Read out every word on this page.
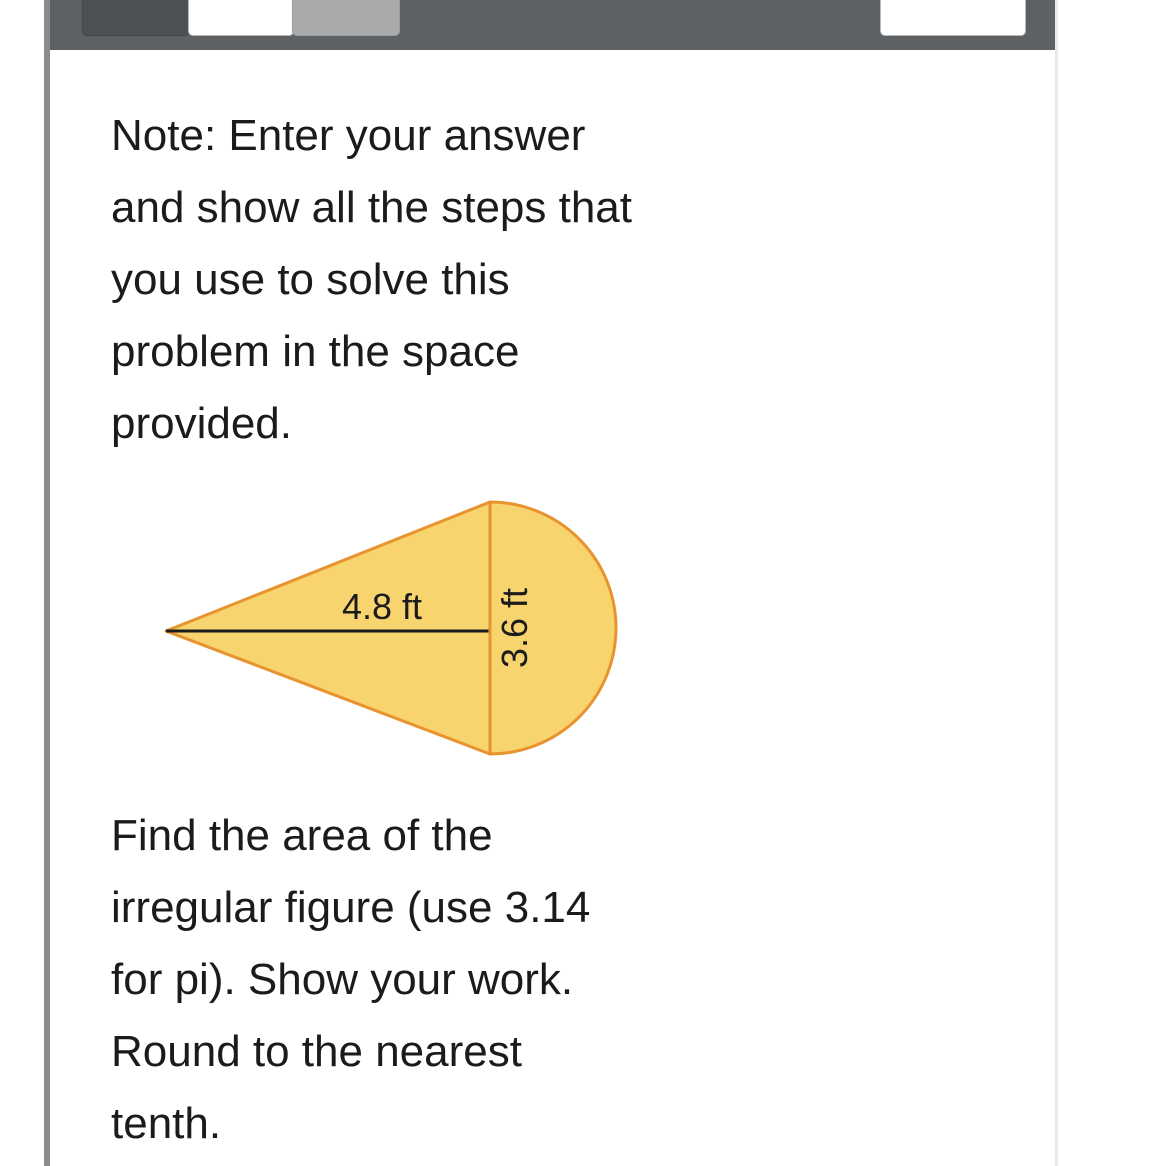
Note: Enter your answer
and show all the steps that
you use to solve this
problem in the space
provided.
4.8 ft 3.6 ft
Find the area of the
irregular figure (use 3.14
for pi). Show your work.
Round to the nearest
tenth.
